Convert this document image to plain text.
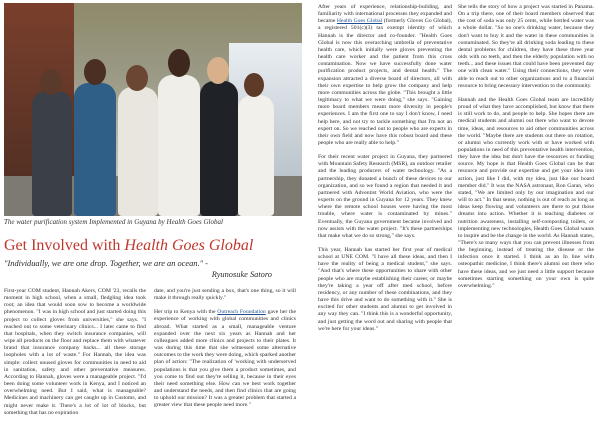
The water purification system Implemented in Guyana by Health Goes Global
Get Involved with Health Goes Global
"Individually, we are one drop. Together, we are an ocean." -
Ryunosuke Satoro

First-year COM student, Hannah Akers, COM '23, recalls the moment in high school, when a small, fledgling idea took root; an idea that would soon sow to become a worldwide phenomenon. "I was in high school and just started doing this project to collect gloves from universities," she says. "I reached out to some veterinary clinics... I later came to find that hospitals, when they switch insurance companies, will wipe all products on the floor and replace them with whatever brand that insurance company backs... all these storage loopholes with a lot of waste." For Hannah, the idea was simple: collect unused gloves for communities in need to aid in sanitation, safety and other preventative measures. According to Hannah, gloves were a manageable project. "I'd been doing some volunteer work in Kenya, and I noticed an overwhelming need. But I said, what is manageable? Medicines and machinery can get caught up in Customs, and might never make it. There's a lot of lot of blocks, but something that has no expiration

date, and you're just sending a box, that's one thing, so it will make it through really quickly."

Her trip to Kenya with the Outreach Foundation gave her the experience of working with global communities and clinics abroad. What started as a small, manageable venture expanded over the next six years as Hannah and her colleagues added more clinics and projects to their plates. It was during this time that she witnessed some alternative outcomes to the work they were doing, which sparked another plan of action: "The realization of 'working with underserved populations is that you give them a product sometimes, and you come to find out they're selling it, because in their eyes their need something else. How can we best work together and understand the needs, and then find clinics that are going to uphold our mission? It was a greater problem that started a greater view that these people need more."

After years of experience, relationship-building, and familiarity with international processes they expanded and became Health Goes Global (formerly Gloves Go Global), a registered 501(c)(3) tax exempt identity of which Hannah is the director and co-founder. "Health Goes Global is now this overarching umbrella of preventative health care, which initially were gloves preventing the health care worker and the patient from this cross contamination. Now we have successfully done water purification product projects, and dental health." The expansion attracted a diverse board of directors, all with their own expertise to help grow the company and help more communities across the globe. "This brought a little legitimacy to what we were doing," she says. "Gaining more board members meant more diversity in people's experiences. I am the first one to say I don't know, I need help here, and not try to tackle something that I'm not an expert on. So we reached out to people who are experts in their own field and now have this robust board and these people who are really able to help."

For their recent water project in Guyana, they partnered with Mountain Safety Research (MSR), an outdoor retailer and the leading producers of water technology. "As a partnership, they donated a bunch of these devices to our organization, and so we found a region that needed it and partnered with Adventist World Aviation, who were the experts on the ground in Guyana for 12 years. They knew where the remote school houses were having the most trouble, where water is contaminated by mines." Eventually, the Guyana government became involved and now assists with the water project. "It's these partnerships that make what we do so strong," she says.

This year, Hannah has started her first year of medical school at UNE COM. "I have all these ideas, and then I have the reality of being a medical student," she says. "And that's where these opportunities to share with other people who are maybe establishing their career, or maybe they're taking a year off after med school, before residency, or any number of these combinations, and they have this drive and want to do something with it." She is excited for other students and alumni to get involved in any way they can. "I think this is a wonderful opportunity, and just getting the word out and sharing with people that we're here for your ideas."

She tells the story of how a project was started in Panama. On a trip there, one of their board members observed that the cost of soda was only 25 cents, while bottled water was a whole dollar. "So no one's drinking water, because they don't want to buy it and the water in these communities is contaminated. So they're all drinking soda leading to these dental problems for children, they have these three year olds with no teeth, and then the elderly population with no teeth... and these issues that could have been prevented day one with clean water." Using their connections, they were able to reach out to other organizations and to a financial resource to bring necessary intervention to the community.

Hannah and the Health Goes Global team are incredibly proud of what they have accomplished, but know that there is still work to do, and people to help. She hopes there are medical students and alumni out there who want to devote time, ideas, and resources to aid other communities across the world. "Maybe there are students out there on rotation, or alumni who currently work with or have worked with populations in need of this preventative health intervention, they have the idea but don't have the resources or funding source. My hope is that Health Goes Global can be that resource and provide our expertise and get your idea into action, just like I did, with my idea, just like our board member did." It was the NASA astronaut, Ron Garan, who stated, "We are limited only by our imagination and our will to act." In that sense, nothing is out of reach as long as ideas keep flowing and volunteers are there to put those dreams into action. Whether it is teaching diabetes or nutrition awareness, installing self-composting toilets, or implementing new technologies, Health Goes Global wants to inspire and be the change in the world. As Hannah states, "There's so many ways that you can prevent illnesses from the beginning, instead of treating the disease or the infection once it started. I think as an In line with osteopathic medicine, I think there's alumni out there who have these ideas, and we just need a little support because sometimes starting something on your own is quite overwhelming."
